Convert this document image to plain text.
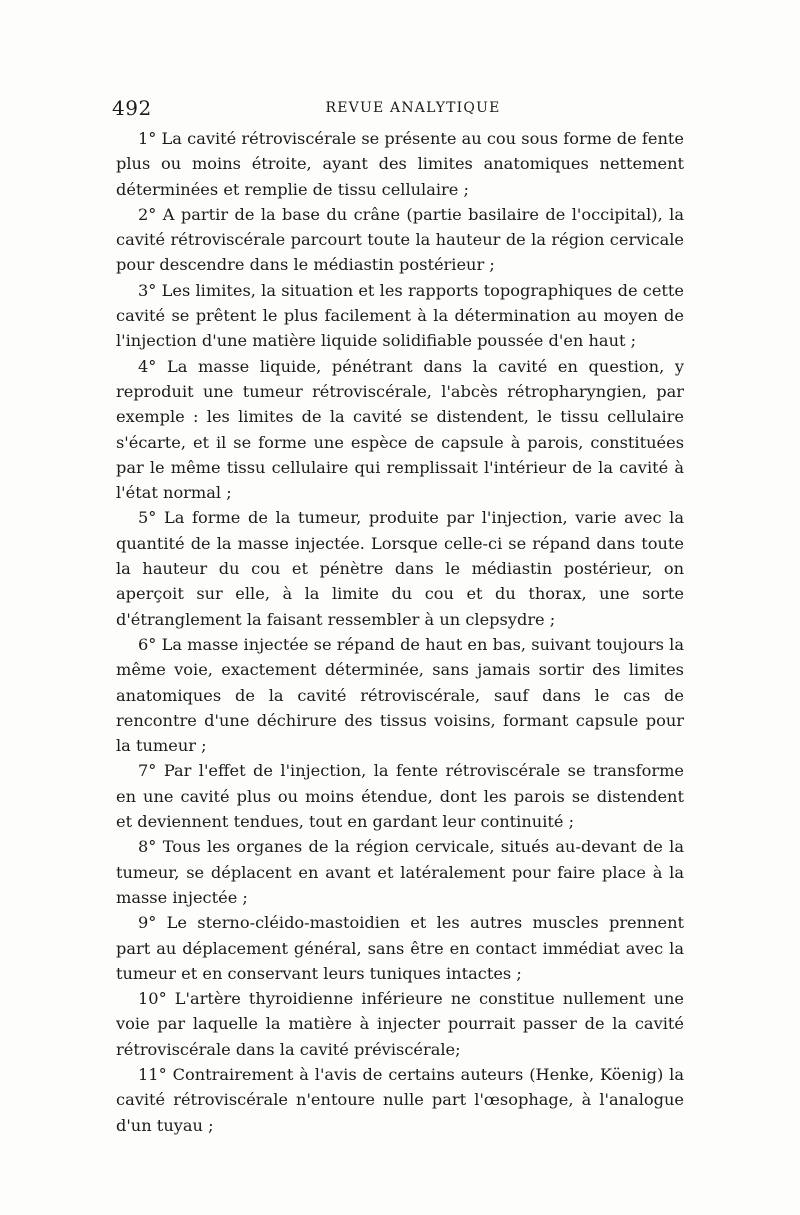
492	REVUE ANALYTIQUE

1° La cavité rétroviscérale se présente au cou sous forme de fente plus ou moins étroite, ayant des limites anatomiques nettement déterminées et remplie de tissu cellulaire ;

2° A partir de la base du crâne (partie basilaire de l'occipital), la cavité rétroviscérale parcourt toute la hauteur de la région cervicale pour descendre dans le médiastin postérieur ;

3° Les limites, la situation et les rapports topographiques de cette cavité se prêtent le plus facilement à la détermination au moyen de l'injection d'une matière liquide solidifiable poussée d'en haut ;

4° La masse liquide, pénétrant dans la cavité en question, y reproduit une tumeur rétroviscérale, l'abcès rétropharyngien, par exemple : les limites de la cavité se distendent, le tissu cellulaire s'écarte, et il se forme une espèce de capsule à parois, constituées par le même tissu cellulaire qui remplissait l'intérieur de la cavité à l'état normal ;

5° La forme de la tumeur, produite par l'injection, varie avec la quantité de la masse injectée. Lorsque celle-ci se répand dans toute la hauteur du cou et pénètre dans le médiastin postérieur, on aperçoit sur elle, à la limite du cou et du thorax, une sorte d'étranglement la faisant ressembler à un clepsydre ;

6° La masse injectée se répand de haut en bas, suivant toujours la même voie, exactement déterminée, sans jamais sortir des limites anatomiques de la cavité rétroviscérale, sauf dans le cas de rencontre d'une déchirure des tissus voisins, formant capsule pour la tumeur ;

7° Par l'effet de l'injection, la fente rétroviscérale se transforme en une cavité plus ou moins étendue, dont les parois se distendent et deviennent tendues, tout en gardant leur continuité ;

8° Tous les organes de la région cervicale, situés au-devant de la tumeur, se déplacent en avant et latéralement pour faire place à la masse injectée ;

9° Le sterno-cléido-mastoidien et les autres muscles prennent part au déplacement général, sans être en contact immédiat avec la tumeur et en conservant leurs tuniques intactes ;

10° L'artère thyroidienne inférieure ne constitue nullement une voie par laquelle la matière à injecter pourrait passer de la cavité rétroviscérale dans la cavité préviscérale;

11° Contrairement à l'avis de certains auteurs (Henke, Köenig) la cavité rétroviscérale n'entoure nulle part l'œsophage, à l'analogue d'un tuyau ;
